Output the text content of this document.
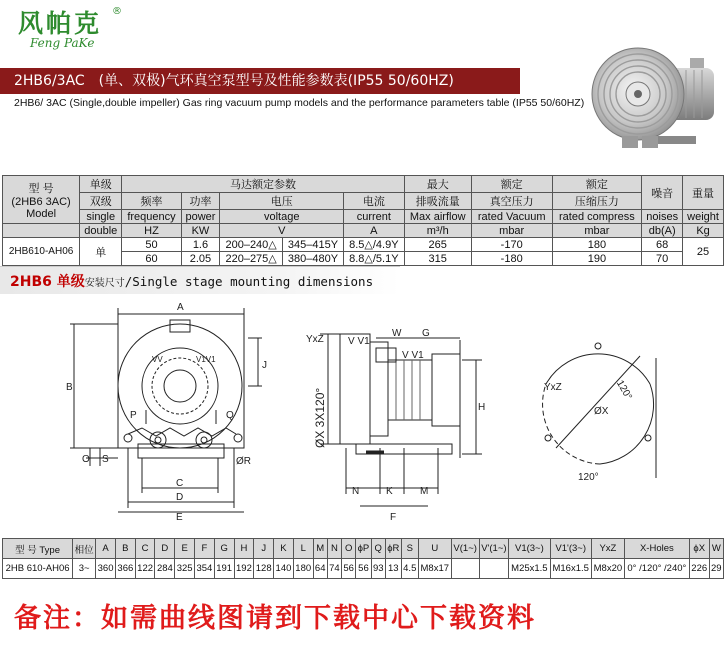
风帕克 ®
Feng PaKe
2HB6/3AC　(单、双极)气环真空泵型号及性能参数表(IP55 50/60HZ)
2HB6/ 3AC (Single,double impeller) Gas ring vacuum pump models and the performance parameters table (IP55 50/60HZ)
型 号
(2HB6 3AC)
Model	单级	马达额定参数					最大	额定	额定	噪音	重量

	双级	频率	功率	电压		电流	排吸流量	真空压力	压缩压力		
	single	frequency	power	voltage		current	Max airflow	rated Vacuum	rated compress	noises	weight
	double	HZ	KW	V		A	m³/h	mbar	mbar	db(A)	Kg
2HB610-AH06	单	50	1.6	200–240△	345–415Y	8.5△/4.9Y	265	-170	180	68	25
		60	2.05	220–275△	380–480Y	8.8△/5.1Y	315	-180	190	70	
2HB6 单级安装尺寸/Single stage mounting dimensions
A
B
J
C
D
E
O S
P	Q
ØR
VV	V1V1
YxZ V V1
W G
V V1
H
N	K	M
F
ØX 3X120°
YxZ
ØX
120°
120°
型 号 Type	相位	A	B	C	D	E	F	G	H	J	K	L	M	N	O	ϕP	Q	ϕR	S	U	V(1~)	V'(1~)	V1(3~)	V1'(3~)	YxZ	X-Holes	ϕX	W
2HB 610-AH06	3~	360	366	122	284	325	354	191	192	128	140	180	64	74	56	56	93	13	4.5	M8x17			M25x1.5	M16x1.5	M8x20	0° /120° /240°	226	29
备注：如需曲线图请到下载中心下载资料
